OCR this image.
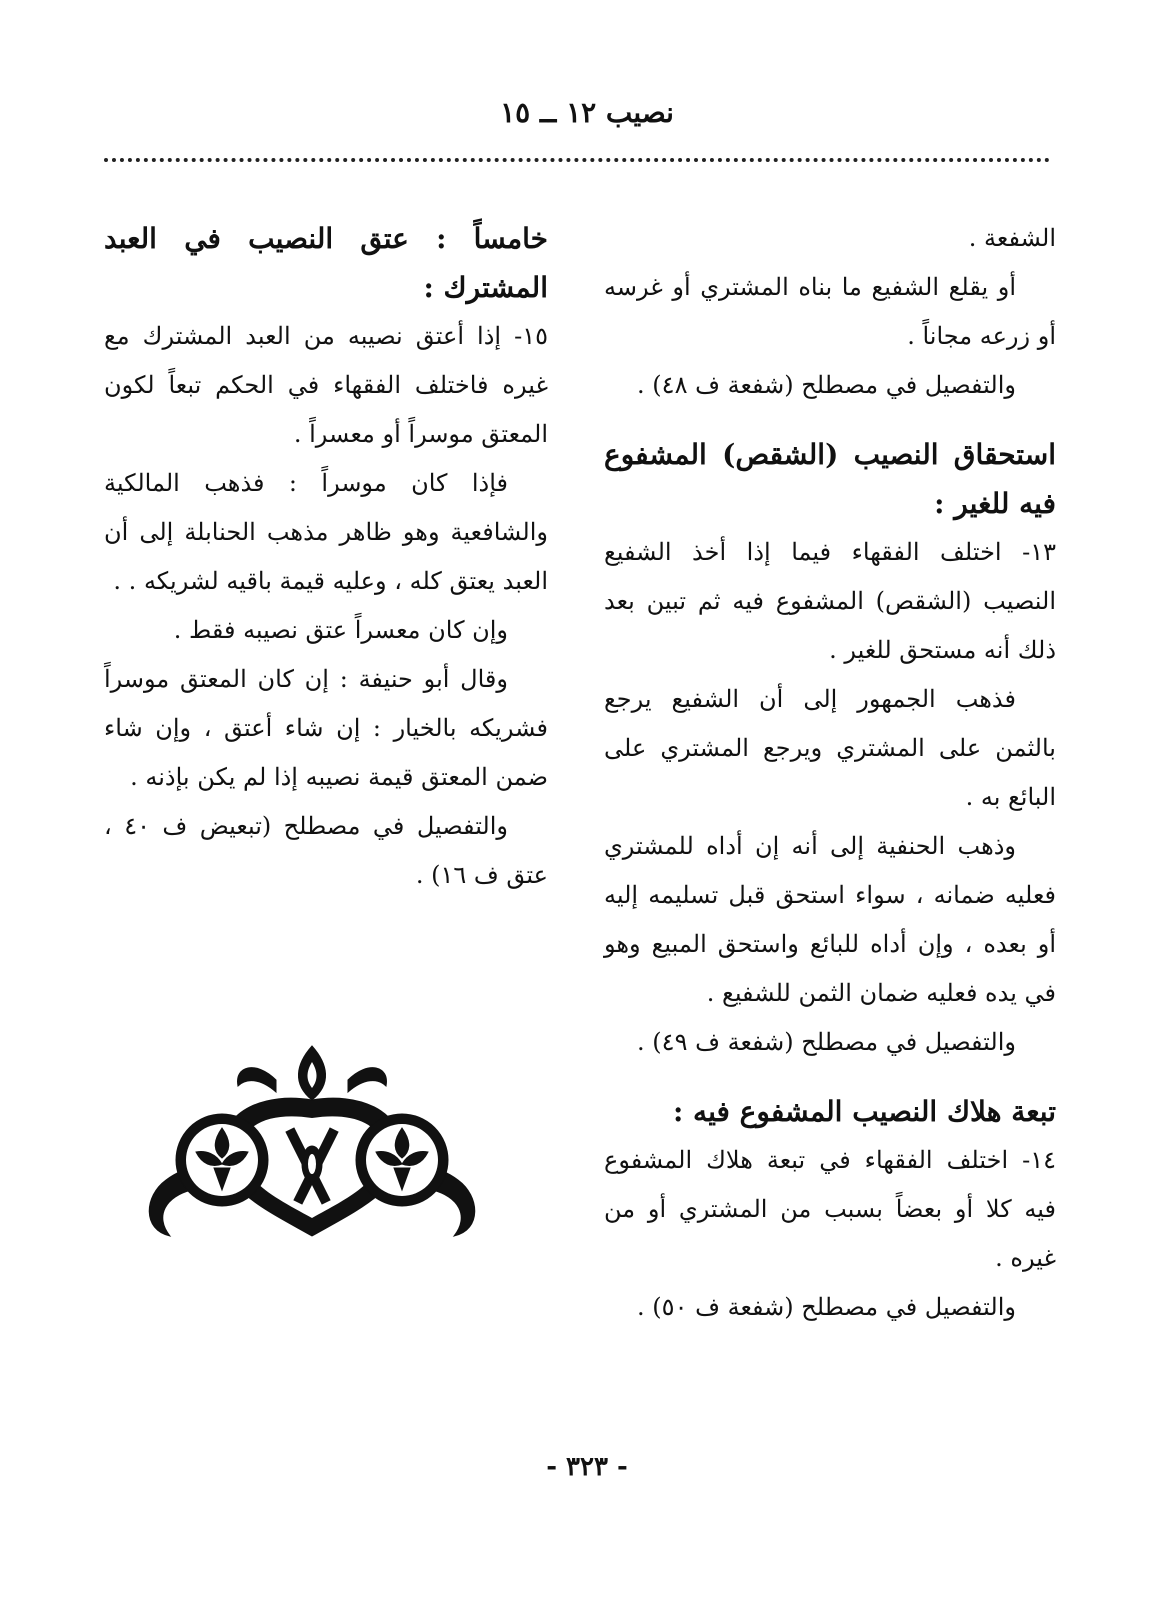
نصيب ١٢ ــ ١٥

الشفعة .

أو يقلع الشفيع ما بناه المشتري أو غرسه أو زرعه مجاناً .

والتفصيل في مصطلح (شفعة ف ٤٨) .

استحقاق النصيب (الشقص) المشفوع فيه للغير :

١٣- اختلف الفقهاء فيما إذا أخذ الشفيع النصيب (الشقص) المشفوع فيه ثم تبين بعد ذلك أنه مستحق للغير .

فذهب الجمهور إلى أن الشفيع يرجع بالثمن على المشتري ويرجع المشتري على البائع به .

وذهب الحنفية إلى أنه إن أداه للمشتري فعليه ضمانه ، سواء استحق قبل تسليمه إليه أو بعده ، وإن أداه للبائع واستحق المبيع وهو في يده فعليه ضمان الثمن للشفيع .

والتفصيل في مصطلح (شفعة ف ٤٩) .

تبعة هلاك النصيب المشفوع فيه :

١٤- اختلف الفقهاء في تبعة هلاك المشفوع فيه كلا أو بعضاً بسبب من المشتري أو من غيره .

والتفصيل في مصطلح (شفعة ف ٥٠) .

خامساً : عتق النصيب في العبد المشترك :

١٥- إذا أعتق نصيبه من العبد المشترك مع غيره فاختلف الفقهاء في الحكم تبعاً لكون المعتق موسراً أو معسراً .

فإذا كان موسراً : فذهب المالكية والشافعية وهو ظاهر مذهب الحنابلة إلى أن العبد يعتق كله ، وعليه قيمة باقيه لشريكه . .

وإن كان معسراً عتق نصيبه فقط .

وقال أبو حنيفة : إن كان المعتق موسراً فشريكه بالخيار : إن شاء أعتق ، وإن شاء ضمن المعتق قيمة نصيبه إذا لم يكن بإذنه .

والتفصيل في مصطلح (تبعيض ف ٤٠ ، عتق ف ١٦) .

- ٣٢٣ -
